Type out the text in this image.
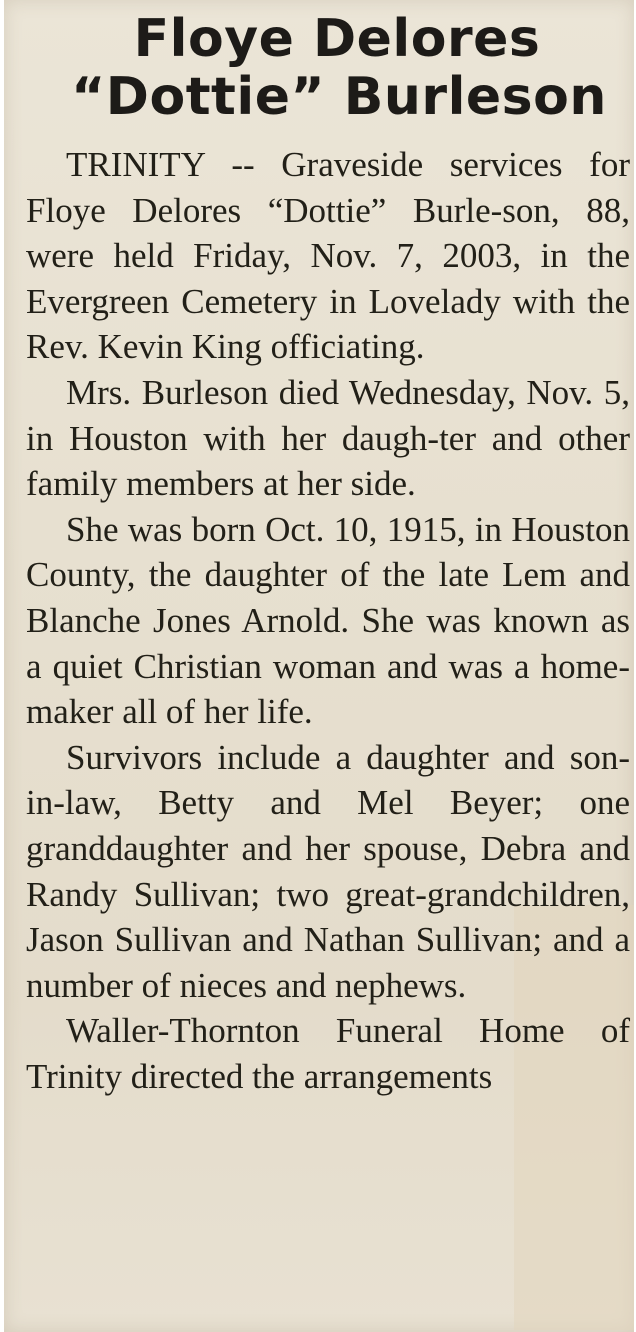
Floye Delores
“Dottie” Burleson

TRINITY -- Graveside services for Floye Delores “Dottie” Burle-son, 88, were held Friday, Nov. 7, 2003, in the Evergreen Cemetery in Lovelady with the Rev. Kevin King officiating.

Mrs. Burleson died Wednesday, Nov. 5, in Houston with her daugh-ter and other family members at her side.

She was born Oct. 10, 1915, in Houston County, the daughter of the late Lem and Blanche Jones Arnold. She was known as a quiet Christian woman and was a home-maker all of her life.

Survivors include a daughter and son-in-law, Betty and Mel Beyer; one granddaughter and her spouse, Debra and Randy Sullivan; two great-grandchildren, Jason Sullivan and Nathan Sullivan; and a number of nieces and nephews.

Waller-Thornton Funeral Home of Trinity directed the arrangements
